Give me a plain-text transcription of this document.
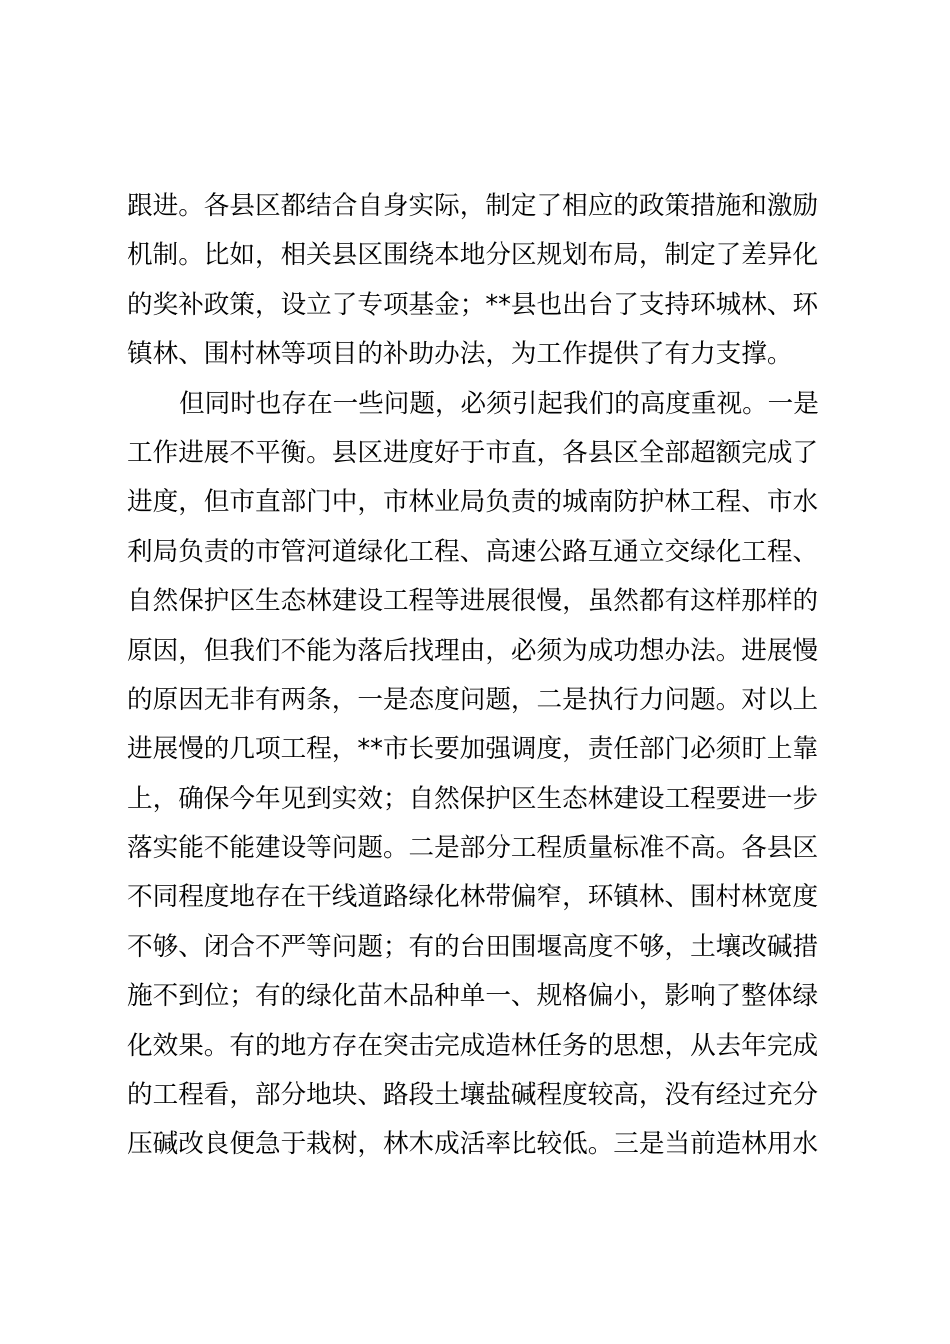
跟进。各县区都结合自身实际，制定了相应的政策措施和激励
机制。比如，相关县区围绕本地分区规划布局，制定了差异化
的奖补政策，设立了专项基金；**县也出台了支持环城林、环
镇林、围村林等项目的补助办法，为工作提供了有力支撑。
但同时也存在一些问题，必须引起我们的高度重视。一是
工作进展不平衡。县区进度好于市直，各县区全部超额完成了
进度，但市直部门中，市林业局负责的城南防护林工程、市水
利局负责的市管河道绿化工程、高速公路互通立交绿化工程、
自然保护区生态林建设工程等进展很慢，虽然都有这样那样的
原因，但我们不能为落后找理由，必须为成功想办法。进展慢
的原因无非有两条，一是态度问题，二是执行力问题。对以上
进展慢的几项工程，**市长要加强调度，责任部门必须盯上靠
上，确保今年见到实效；自然保护区生态林建设工程要进一步
落实能不能建设等问题。二是部分工程质量标准不高。各县区
不同程度地存在干线道路绿化林带偏窄，环镇林、围村林宽度
不够、闭合不严等问题；有的台田围堰高度不够，土壤改碱措
施不到位；有的绿化苗木品种单一、规格偏小，影响了整体绿
化效果。有的地方存在突击完成造林任务的思想，从去年完成
的工程看，部分地块、路段土壤盐碱程度较高，没有经过充分
压碱改良便急于栽树，林木成活率比较低。三是当前造林用水
